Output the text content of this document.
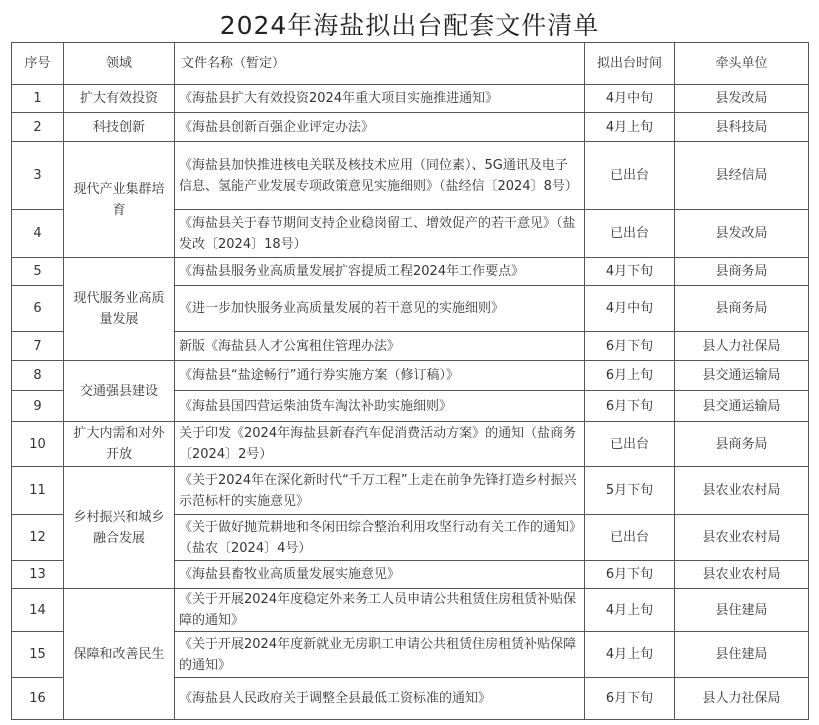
2024年海盐拟出台配套文件清单
序号	领域	文件名称（暂定）	拟出台时间	牵头单位
1	扩大有效投资	《海盐县扩大有效投资2024年重大项目实施推进通知》	4月中旬	县发改局
2	科技创新	《海盐县创新百强企业评定办法》	4月上旬	县科技局
3	现代产业集群培育	《海盐县加快推进核电关联及核技术应用（同位素）、5G通讯及电子信息、氢能产业发展专项政策意见实施细则》（盐经信〔2024〕8号）	已出台	县经信局
4		《海盐县关于春节期间支持企业稳岗留工、增效促产的若干意见》（盐发改〔2024〕18号）	已出台	县发改局
5	现代服务业高质量发展	《海盐县服务业高质量发展扩容提质工程2024年工作要点》	4月下旬	县商务局
6		《进一步加快服务业高质量发展的若干意见的实施细则》	4月中旬	县商务局
7		新版《海盐县人才公寓租住管理办法》	6月下旬	县人力社保局
8	交通强县建设	《海盐县“盐途畅行”通行券实施方案（修订稿）》	6月上旬	县交通运输局
9		《海盐县国四营运柴油货车淘汰补助实施细则》	6月下旬	县交通运输局
10	扩大内需和对外开放	关于印发《2024年海盐县新春汽车促消费活动方案》的通知（盐商务〔2024〕2号）	已出台	县商务局
11	乡村振兴和城乡融合发展	《关于2024年在深化新时代“千万工程”上走在前争先锋打造乡村振兴示范标杆的实施意见》	5月下旬	县农业农村局
12		《关于做好抛荒耕地和冬闲田综合整治利用攻坚行动有关工作的通知》（盐农〔2024〕4号）	已出台	县农业农村局
13		《海盐县畜牧业高质量发展实施意见》	6月下旬	县农业农村局
14	保障和改善民生	《关于开展2024年度稳定外来务工人员申请公共租赁住房租赁补贴保障的通知》	4月上旬	县住建局
15		《关于开展2024年度新就业无房职工申请公共租赁住房租赁补贴保障的通知》	4月上旬	县住建局
16		《海盐县人民政府关于调整全县最低工资标准的通知》	6月下旬	县人力社保局
